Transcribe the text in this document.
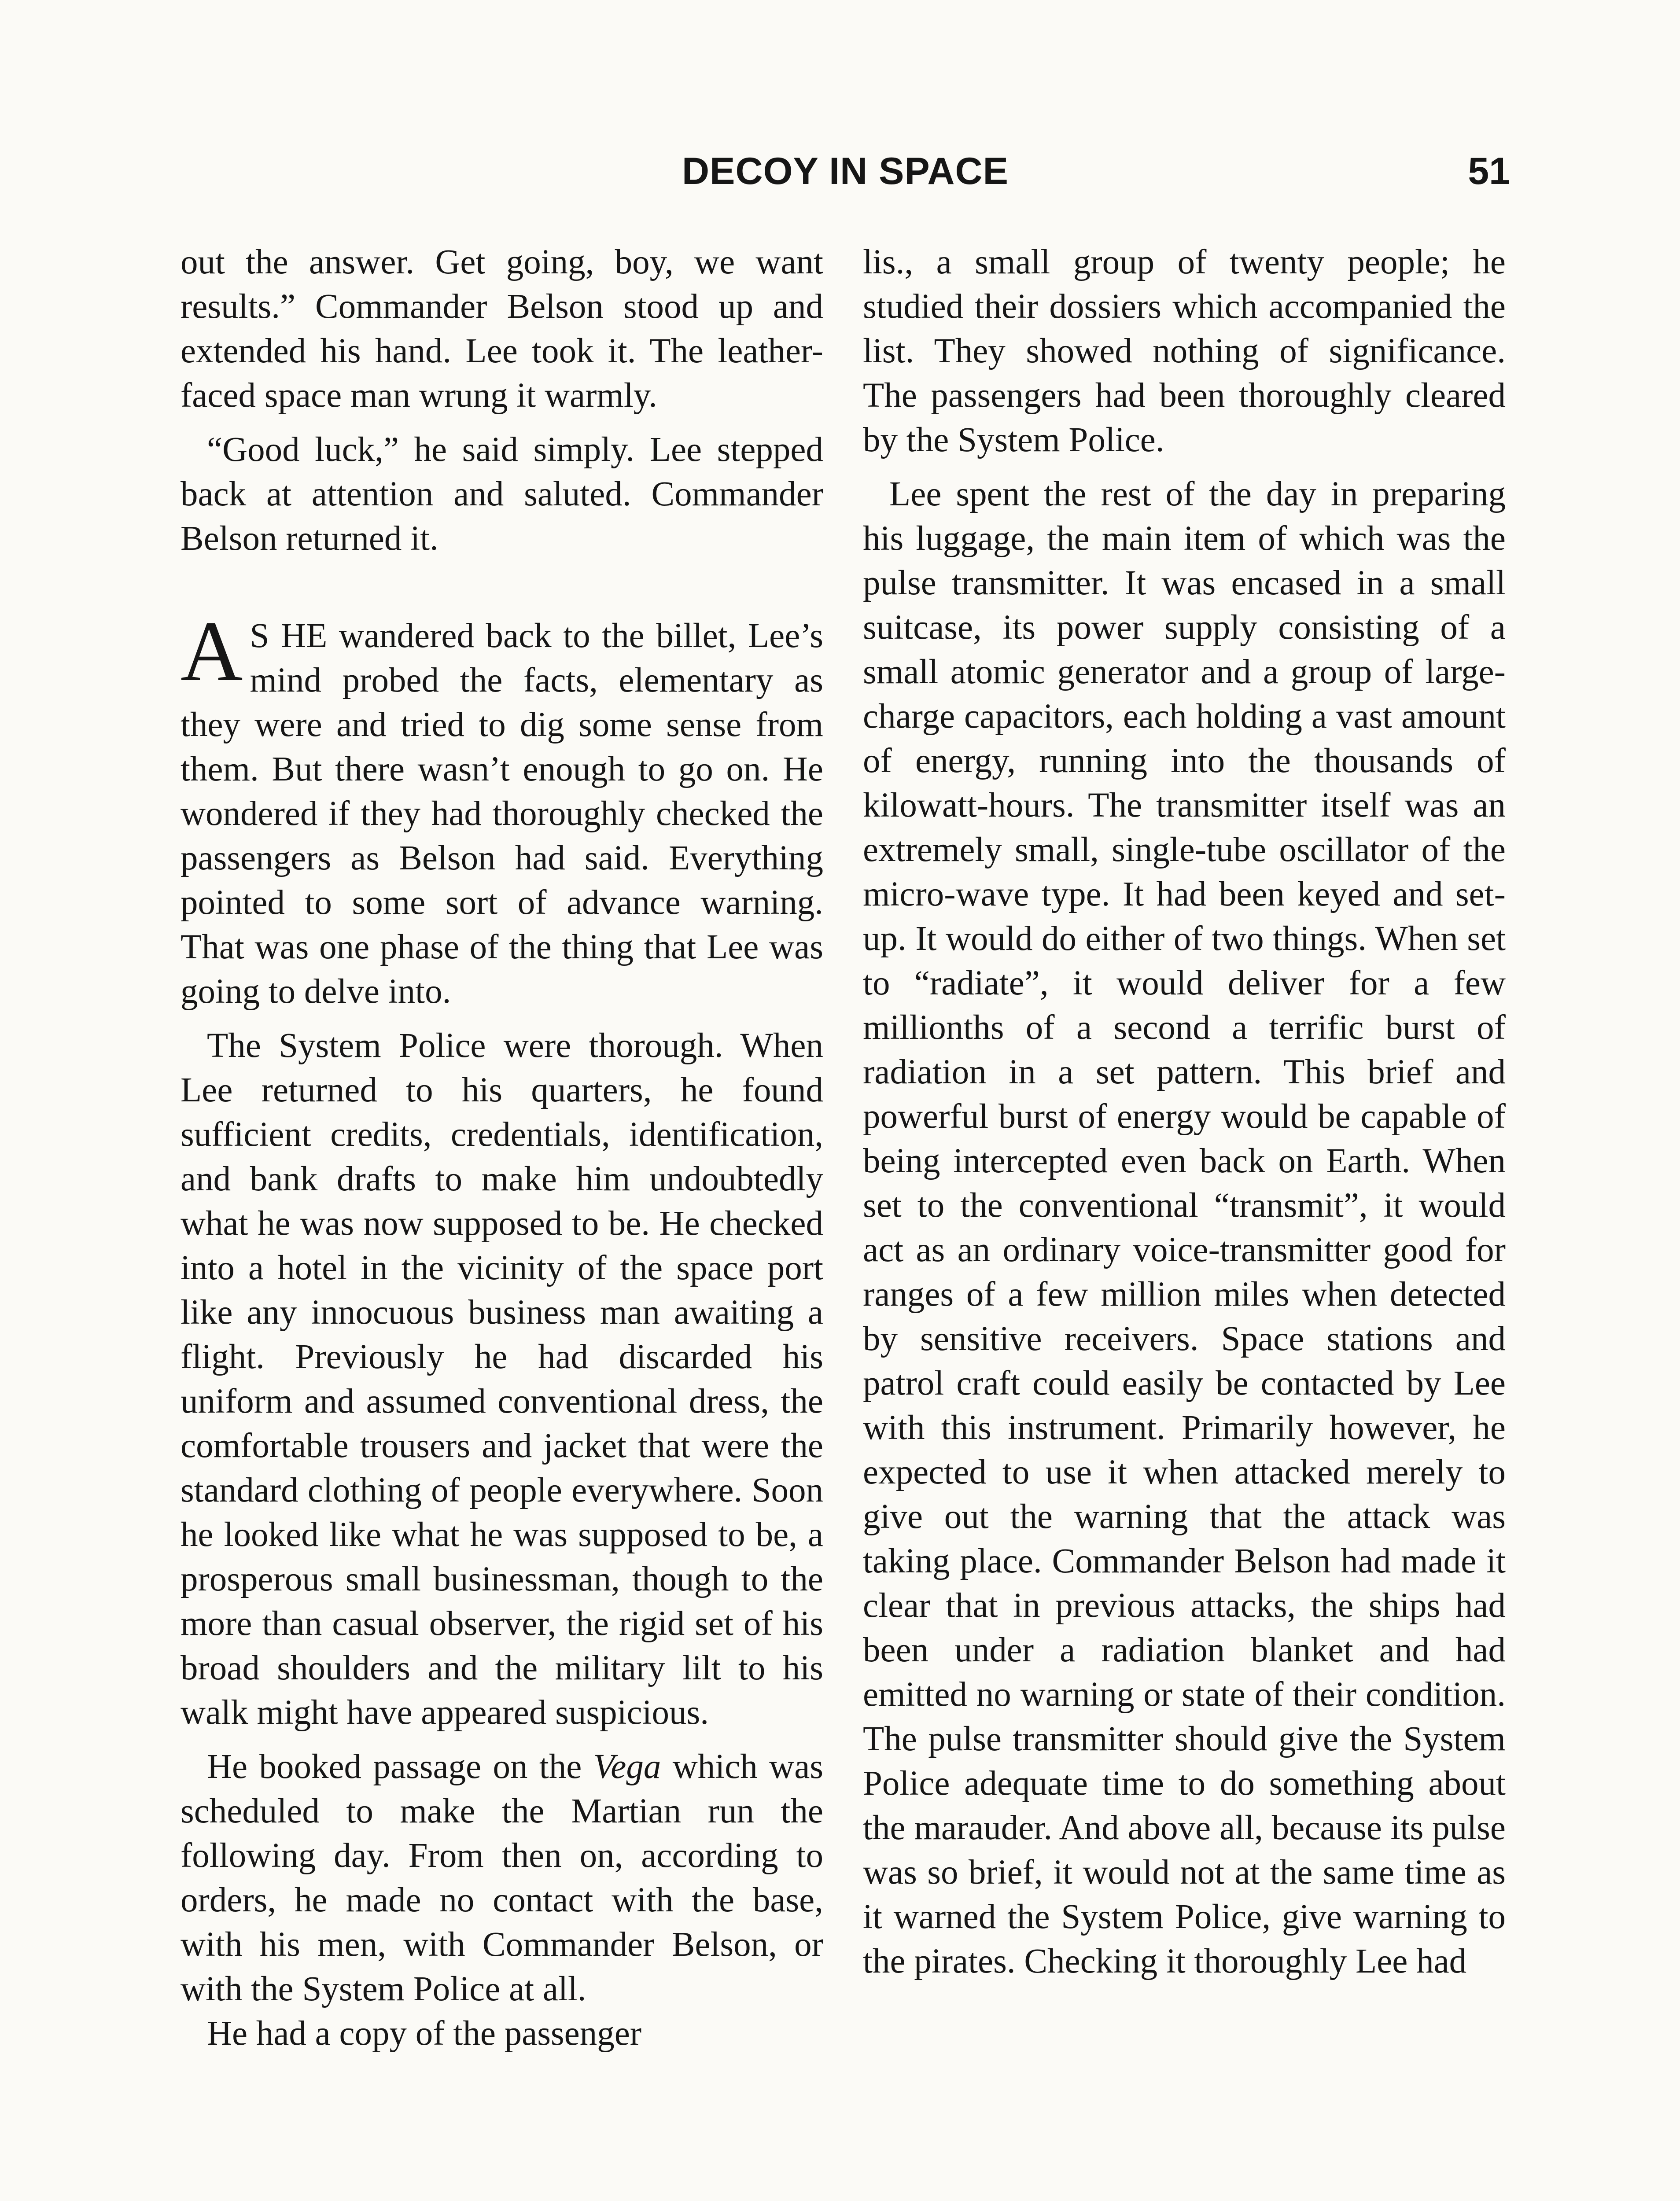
DECOY IN SPACE	51

out the answer. Get going, boy, we want results.” Commander Belson stood up and extended his hand. Lee took it. The leather-faced space man wrung it warmly.

“Good luck,” he said simply. Lee stepped back at attention and saluted. Commander Belson returned it.

A S HE wandered back to the billet, Lee’s mind probed the facts, elementary as they were and tried to dig some sense from them. But there wasn’t enough to go on. He wondered if they had thoroughly checked the passengers as Belson had said. Everything pointed to some sort of advance warning. That was one phase of the thing that Lee was going to delve into.

The System Police were thorough. When Lee returned to his quarters, he found sufficient credits, credentials, identification, and bank drafts to make him undoubtedly what he was now supposed to be. He checked into a hotel in the vicinity of the space port like any innocuous business man awaiting a flight. Previously he had discarded his uniform and assumed conventional dress, the comfortable trousers and jacket that were the standard clothing of people everywhere. Soon he looked like what he was supposed to be, a prosperous small businessman, though to the more than casual observer, the rigid set of his broad shoulders and the military lilt to his walk might have appeared suspicious.

He booked passage on the Vega which was scheduled to make the Martian run the following day. From then on, according to orders, he made no contact with the base, with his men, with Commander Belson, or with the System Police at all.

He had a copy of the passenger

lis., a small group of twenty people; he studied their dossiers which accompanied the list. They showed nothing of significance. The passengers had been thoroughly cleared by the System Police.

Lee spent the rest of the day in preparing his luggage, the main item of which was the pulse transmitter. It was encased in a small suitcase, its power supply consisting of a small atomic generator and a group of large-charge capacitors, each holding a vast amount of energy, running into the thousands of kilowatt-hours. The transmitter itself was an extremely small, single-tube oscillator of the micro-wave type. It had been keyed and set-up. It would do either of two things. When set to “radiate”, it would deliver for a few millionths of a second a terrific burst of radiation in a set pattern. This brief and powerful burst of energy would be capable of being intercepted even back on Earth. When set to the conventional “transmit”, it would act as an ordinary voice-transmitter good for ranges of a few million miles when detected by sensitive receivers. Space stations and patrol craft could easily be contacted by Lee with this instrument. Primarily however, he expected to use it when attacked merely to give out the warning that the attack was taking place. Commander Belson had made it clear that in previous attacks, the ships had been under a radiation blanket and had emitted no warning or state of their condition. The pulse transmitter should give the System Police adequate time to do something about the marauder. And above all, because its pulse was so brief, it would not at the same time as it warned the System Police, give warning to the pirates. Checking it thoroughly Lee had
